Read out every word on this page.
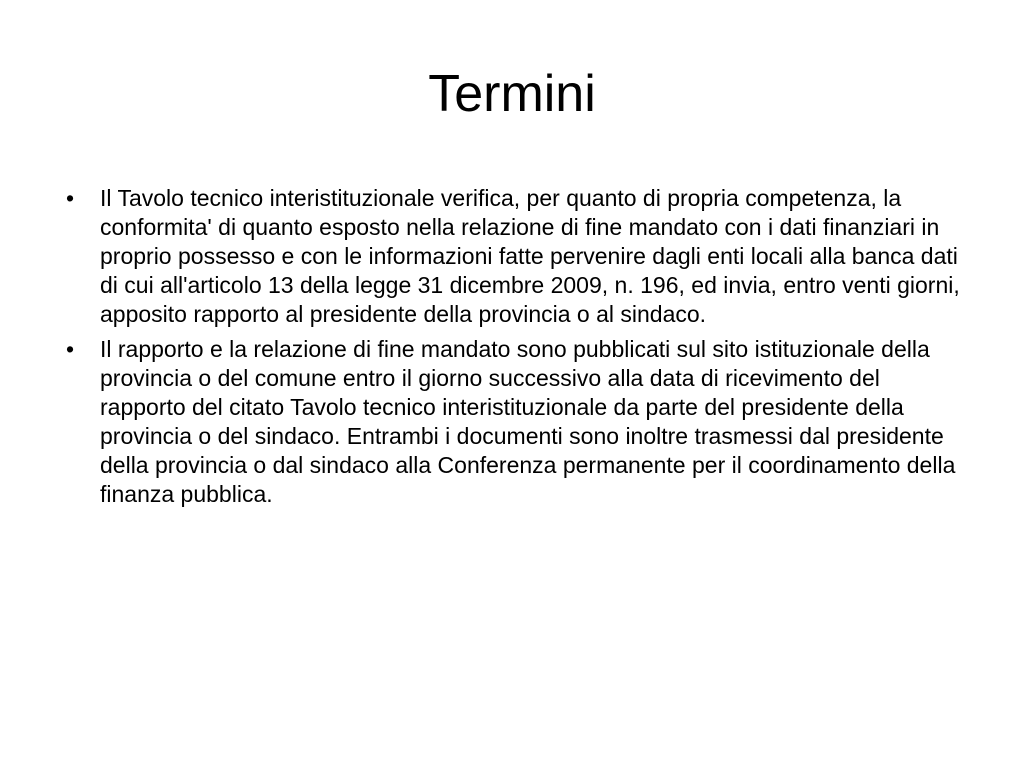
Termini
• Il Tavolo tecnico interistituzionale verifica, per quanto di propria competenza, la conformita' di quanto esposto nella relazione di fine mandato con i dati finanziari in proprio possesso e con le informazioni fatte pervenire dagli enti locali alla banca dati di cui all'articolo 13 della legge 31 dicembre 2009, n. 196, ed invia, entro venti giorni, apposito rapporto al presidente della provincia o al sindaco.
• Il rapporto e la relazione di fine mandato sono pubblicati sul sito istituzionale della provincia o del comune entro il giorno successivo alla data di ricevimento del rapporto del citato Tavolo tecnico interistituzionale da parte del presidente della provincia o del sindaco. Entrambi i documenti sono inoltre trasmessi dal presidente della provincia o dal sindaco alla Conferenza permanente per il coordinamento della finanza pubblica.
